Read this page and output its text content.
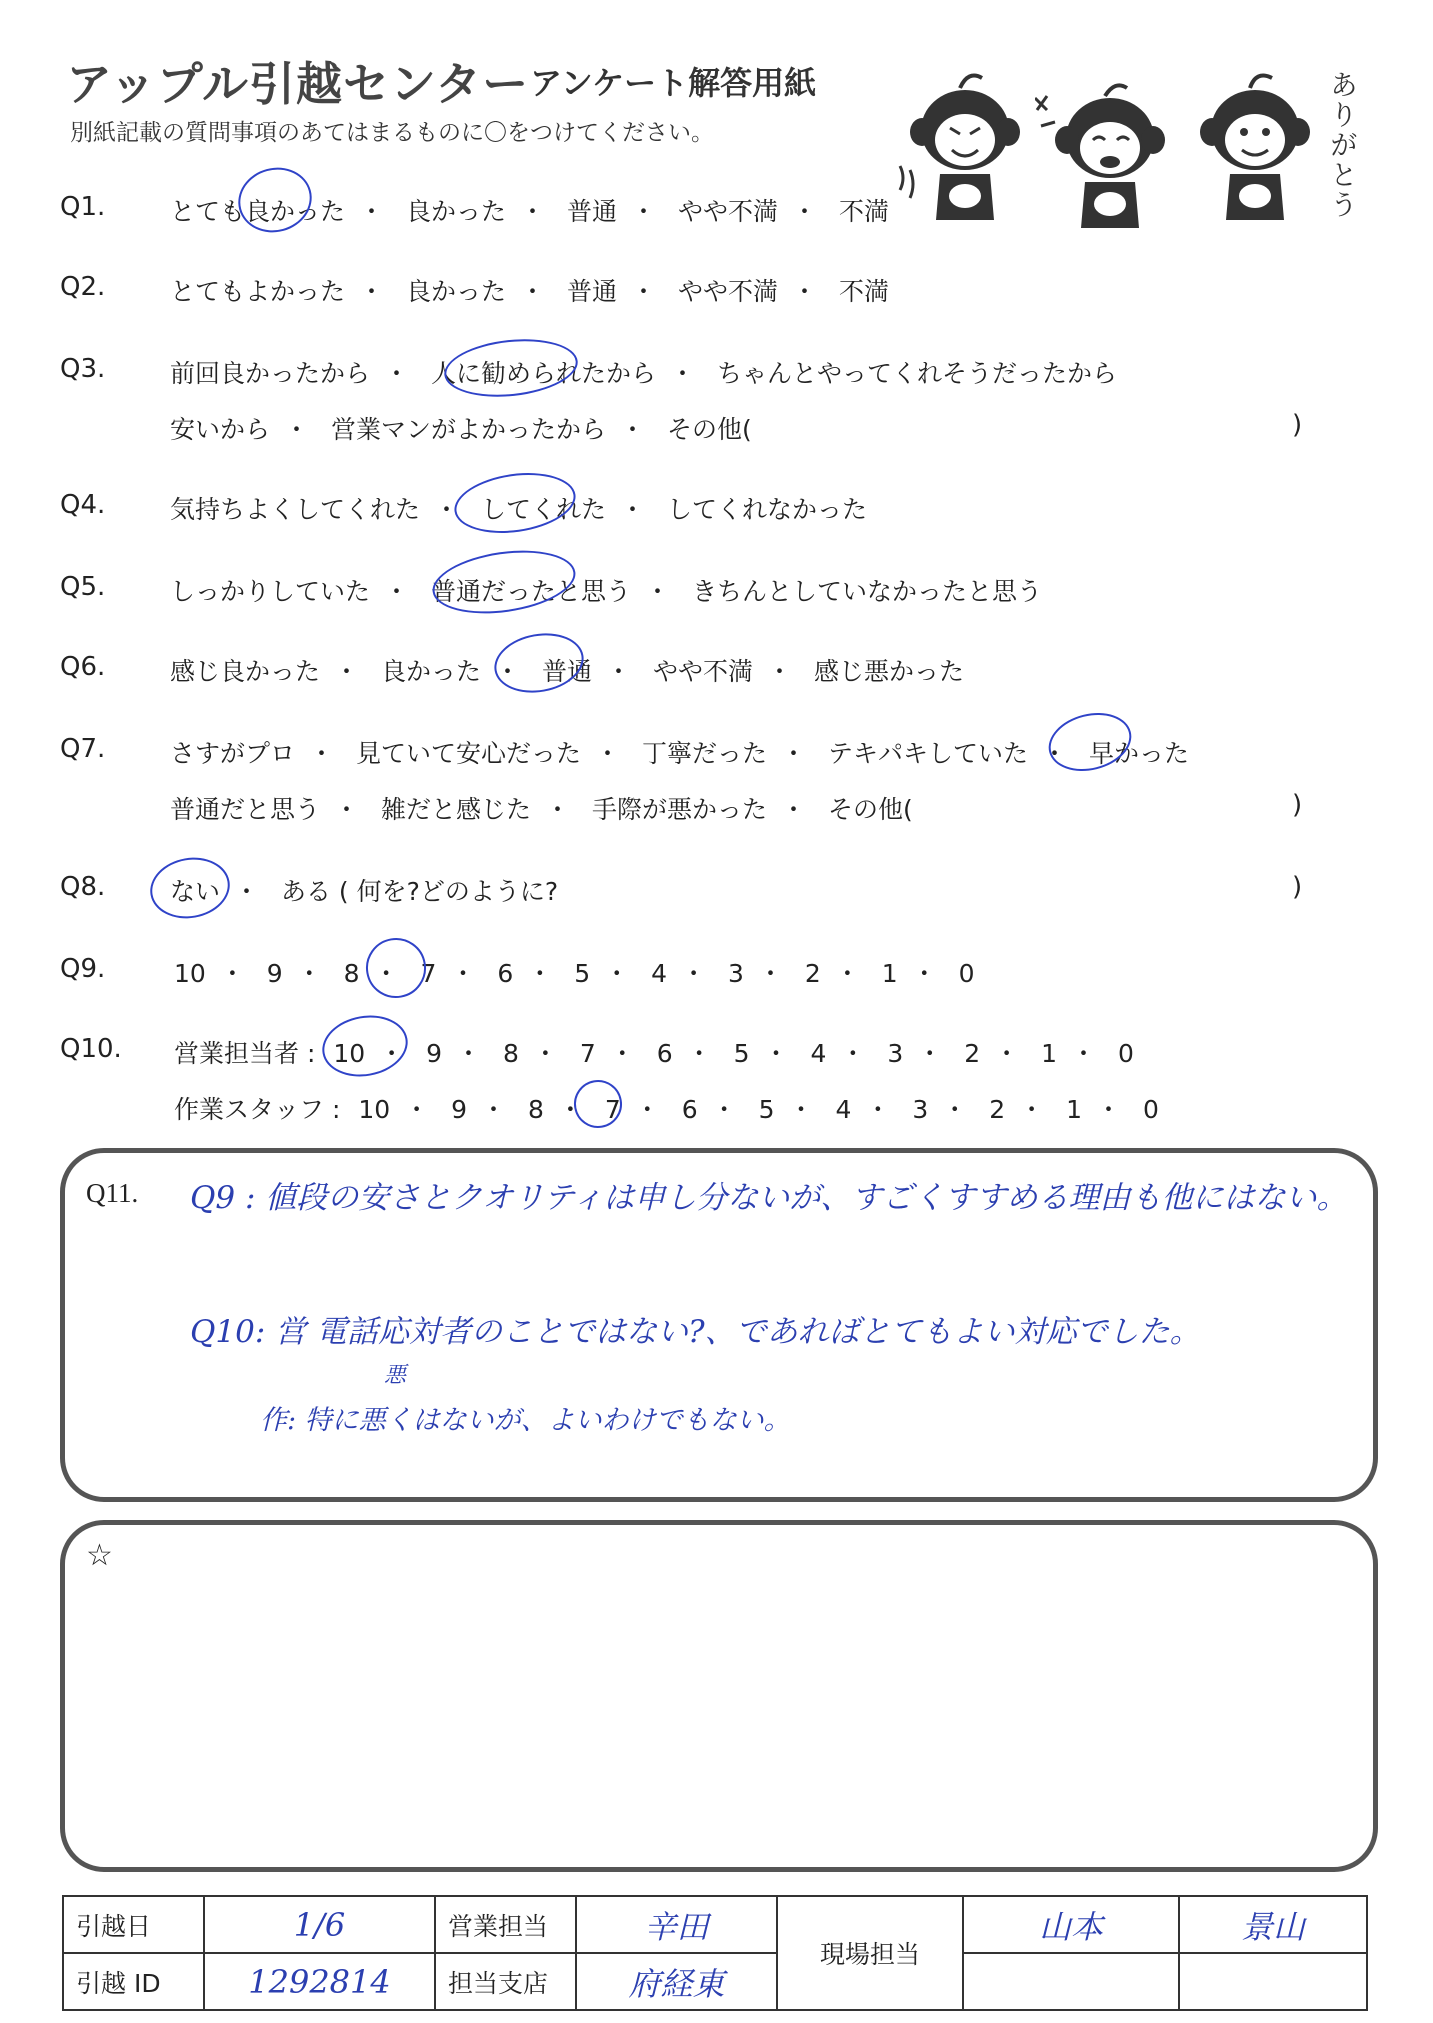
アップル引越センター アンケート解答用紙
別紙記載の質問事項のあてはまるものに〇をつけてください。	ありがとう
Q1.	とても良かった ・ 良かった ・ 普通 ・ やや不満 ・ 不満
Q2.	とてもよかった ・ 良かった ・ 普通 ・ やや不満 ・ 不満
Q3.	前回良かったから ・ 人に勧められたから ・ ちゃんとやってくれそうだったから
安いから ・ 営業マンがよかったから ・ その他(	)
Q4.	気持ちよくしてくれた ・ してくれた ・ してくれなかった
Q5.	しっかりしていた ・ 普通だったと思う ・ きちんとしていなかったと思う
Q6.	感じ良かった ・ 良かった ・ 普通 ・ やや不満 ・ 感じ悪かった
Q7.	さすがプロ ・ 見ていて安心だった ・ 丁寧だった ・ テキパキしていた ・ 早かった
普通だと思う ・ 雑だと感じた ・ 手際が悪かった ・ その他(	)
Q8.	ない ・ ある ( 何を?どのように?	)
Q9.	10 ・ 9 ・ 8 ・ 7 ・ 6 ・ 5 ・ 4 ・ 3 ・ 2 ・ 1 ・ 0
Q10. 営業担当者 : 10 ・ 9 ・ 8 ・ 7 ・ 6 ・ 5 ・ 4 ・ 3 ・ 2 ・ 1 ・ 0
作業スタッフ : 10 ・ 9 ・ 8 ・ 7 ・ 6 ・ 5 ・ 4 ・ 3 ・ 2 ・ 1 ・ 0
Q11. Q9 : 値段の安さとクオリティは申し分ないが、すごくすすめる理由も他にはない。
Q10: 営 電話応対者のことではない?、であればとてもよい対応でした。
悪
作: 特に悪くはないが、よいわけでもない。
☆
引越日	1/6	営業担当	辛田	現場担当	山本	景山
引越 ID	1292814	担当支店	府経東			
